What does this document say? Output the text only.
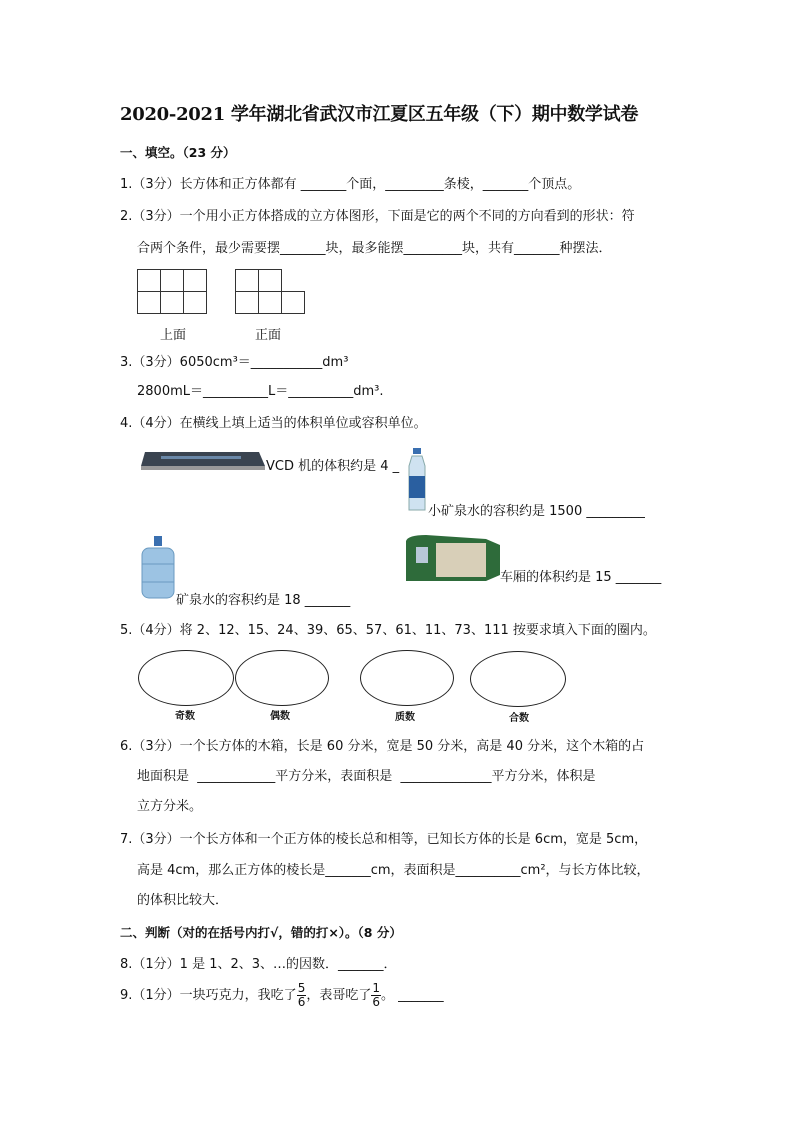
2020-2021 学年湖北省武汉市江夏区五年级（下）期中数学试卷
一、填空。（23 分）
1.（3分）长方体和正方体都有 _______个面，_________条棱，_______个顶点。
2.（3分）一个用小正方体搭成的立方体图形，下面是它的两个不同的方向看到的形状：符
合两个条件，最少需要摆_______块，最多能摆_________块，共有_______种摆法．

上面	正面
3.（3分）6050cm³＝___________dm³
2800mL＝__________L＝__________dm³.
4.（4分）在横线上填上适当的体积单位或容积单位。
VCD 机的体积约是 4 _
小矿泉水的容积约是 1500 _________
车厢的体积约是 15 _______
矿泉水的容积约是 18 _______
5.（4分）将 2、12、15、24、39、65、57、61、11、73、111 按要求填入下面的圈内。
奇数	偶数	质数	合数
6.（3分）一个长方体的木箱，长是 60 分米，宽是 50 分米，高是 40 分米，这个木箱的占
地面积是  ____________平方分米，表面积是  ______________平方分米，体积是
立方分米。
7.（3分）一个长方体和一个正方体的棱长总和相等，已知长方体的长是 6cm，宽是 5cm，
高是 4cm，那么正方体的棱长是_______cm，表面积是__________cm²，与长方体比较，
的体积比较大．
二、判断（对的在括号内打√，错的打×）。（8 分）
8.（1分）1 是 1、2、3、…的因数．_______．
9.（1分）一块巧克力，我吃了 $\frac{5}{6}$ ，表哥吃了 $\frac{1}{6}$ 。 _______
